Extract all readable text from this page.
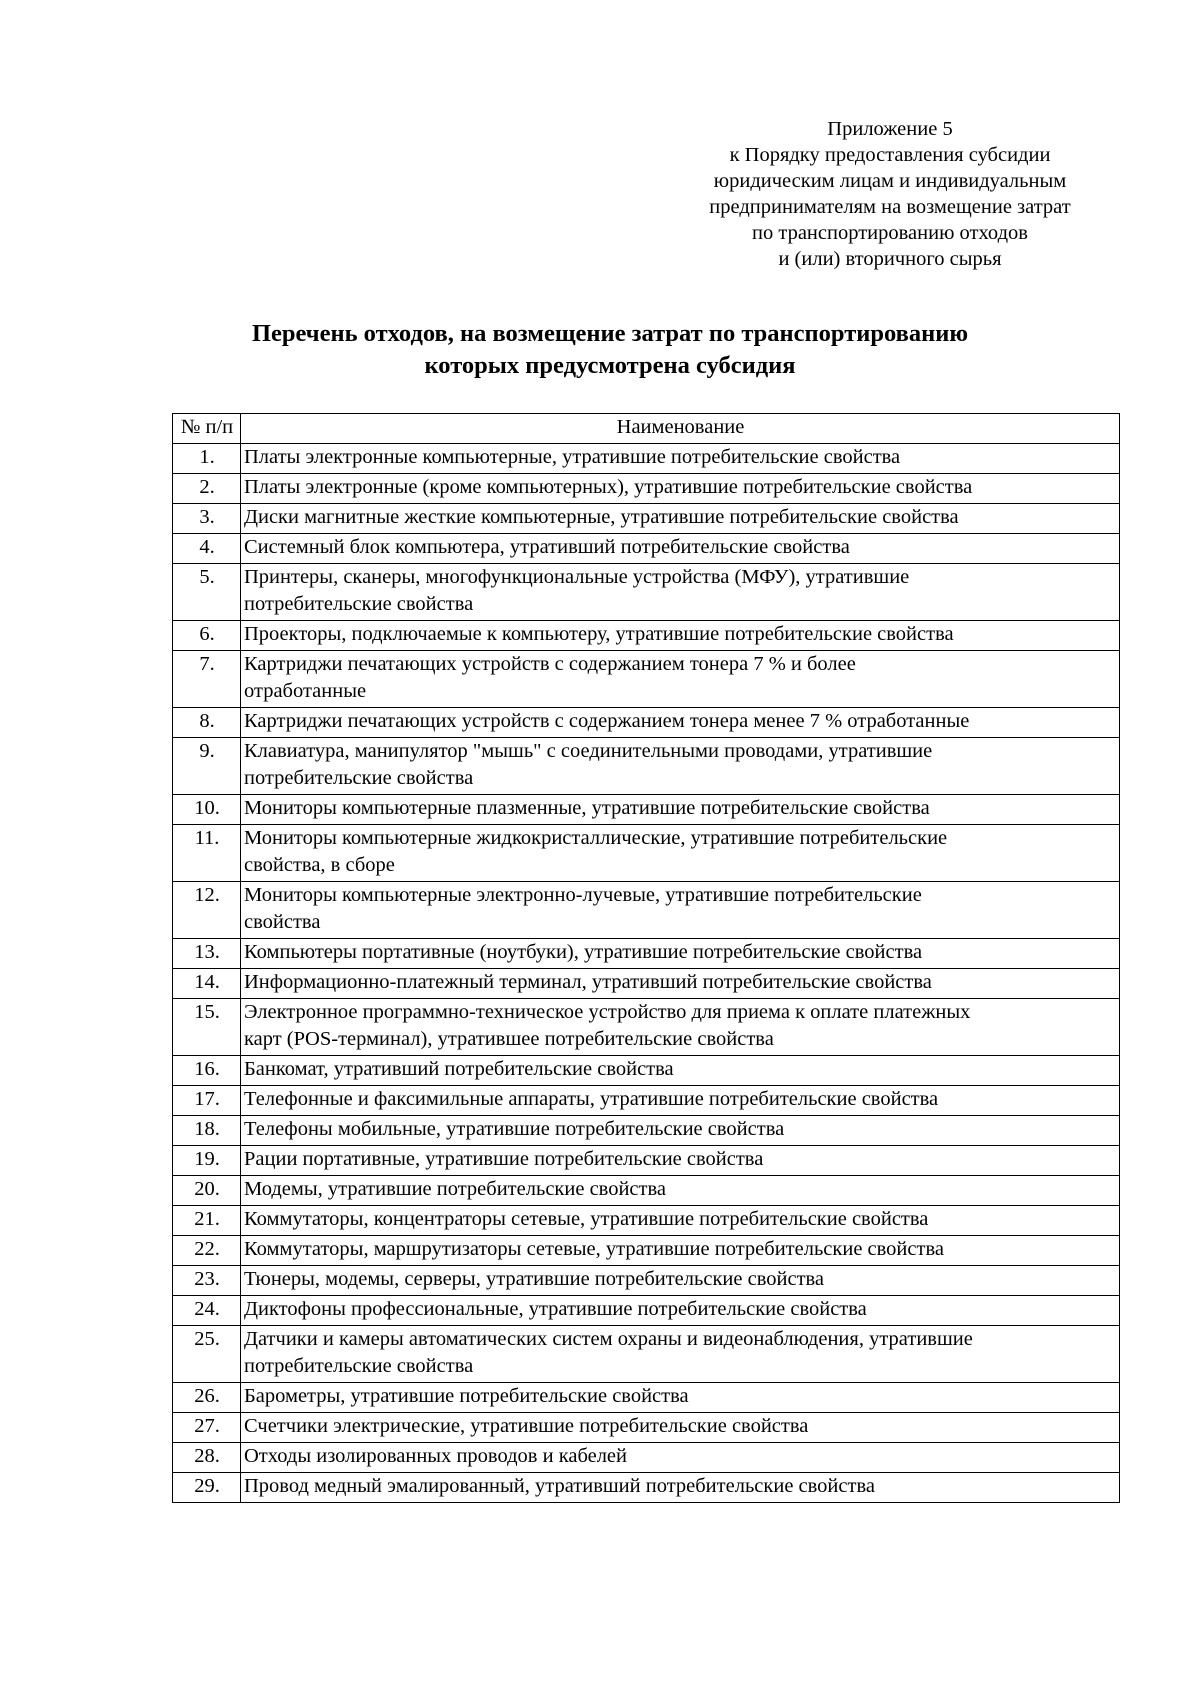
Приложение 5
к Порядку предоставления субсидии
юридическим лицам и индивидуальным
предпринимателям на возмещение затрат
по транспортированию отходов
и (или) вторичного сырья
Перечень отходов, на возмещение затрат по транспортированию
которых предусмотрена субсидия
№ п/п	Наименование
1.	Платы электронные компьютерные, утратившие потребительские свойства
2.	Платы электронные (кроме компьютерных), утратившие потребительские свойства
3.	Диски магнитные жесткие компьютерные, утратившие потребительские свойства
4.	Системный блок компьютера, утративший потребительские свойства
5.	Принтеры, сканеры, многофункциональные устройства (МФУ), утратившие
потребительские свойства
6.	Проекторы, подключаемые к компьютеру, утратившие потребительские свойства
7.	Картриджи печатающих устройств с содержанием тонера 7 % и более
отработанные
8.	Картриджи печатающих устройств с содержанием тонера менее 7 % отработанные
9.	Клавиатура, манипулятор "мышь" с соединительными проводами, утратившие
потребительские свойства
10.	Мониторы компьютерные плазменные, утратившие потребительские свойства
11.	Мониторы компьютерные жидкокристаллические, утратившие потребительские
свойства, в сборе
12.	Мониторы компьютерные электронно-лучевые, утратившие потребительские
свойства
13.	Компьютеры портативные (ноутбуки), утратившие потребительские свойства
14.	Информационно-платежный терминал, утративший потребительские свойства
15.	Электронное программно-техническое устройство для приема к оплате платежных
карт (POS-терминал), утратившее потребительские свойства
16.	Банкомат, утративший потребительские свойства
17.	Телефонные и факсимильные аппараты, утратившие потребительские свойства
18.	Телефоны мобильные, утратившие потребительские свойства
19.	Рации портативные, утратившие потребительские свойства
20.	Модемы, утратившие потребительские свойства
21.	Коммутаторы, концентраторы сетевые, утратившие потребительские свойства
22.	Коммутаторы, маршрутизаторы сетевые, утратившие потребительские свойства
23.	Тюнеры, модемы, серверы, утратившие потребительские свойства
24.	Диктофоны профессиональные, утратившие потребительские свойства
25.	Датчики и камеры автоматических систем охраны и видеонаблюдения, утратившие
потребительские свойства
26.	Барометры, утратившие потребительские свойства
27.	Счетчики электрические, утратившие потребительские свойства
28.	Отходы изолированных проводов и кабелей
29.	Провод медный эмалированный, утративший потребительские свойства
